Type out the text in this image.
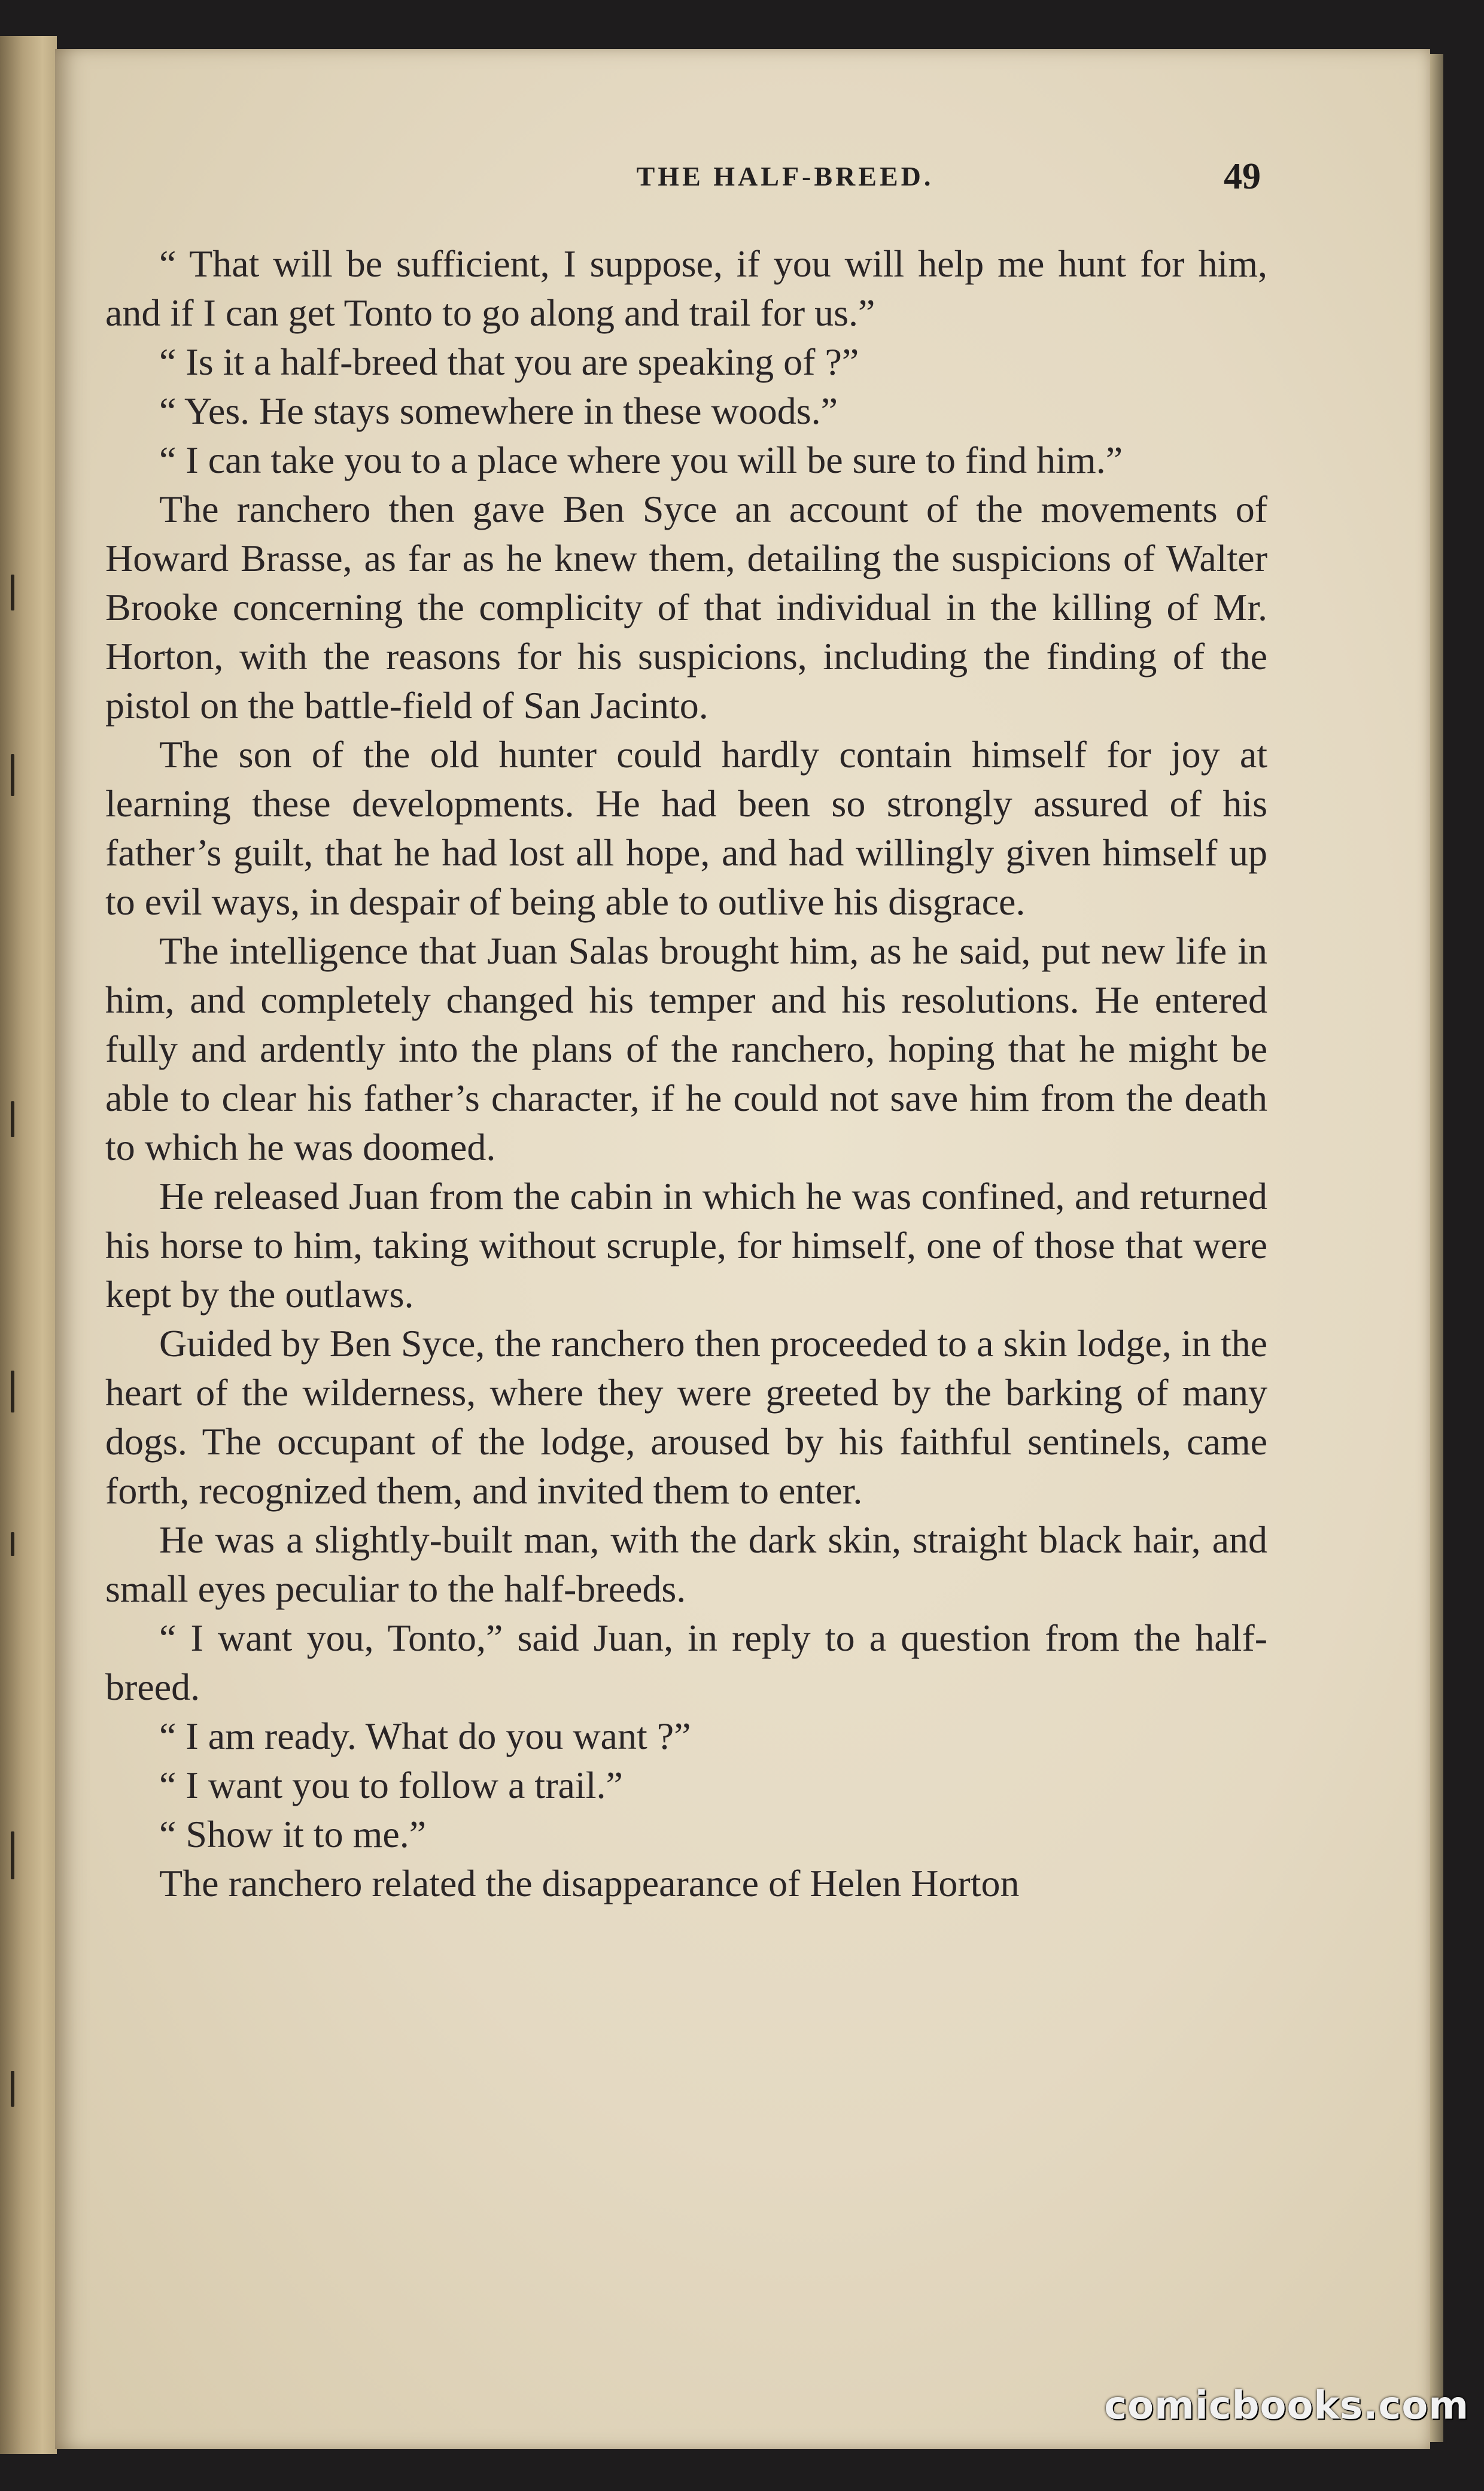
THE HALF-BREED.	49

“ That will be sufficient, I suppose, if you will help me hunt for him, and if I can get Tonto to go along and trail for us.”

“ Is it a half-breed that you are speaking of ?”

“ Yes. He stays somewhere in these woods.”

“ I can take you to a place where you will be sure to find him.”

The ranchero then gave Ben Syce an account of the movements of Howard Brasse, as far as he knew them, detailing the suspicions of Walter Brooke concerning the complicity of that individual in the killing of Mr. Horton, with the reasons for his suspicions, including the finding of the pistol on the battle-field of San Jacinto.

The son of the old hunter could hardly contain himself for joy at learning these developments. He had been so strongly assured of his father’s guilt, that he had lost all hope, and had willingly given himself up to evil ways, in despair of being able to outlive his disgrace.

The intelligence that Juan Salas brought him, as he said, put new life in him, and completely changed his temper and his resolutions. He entered fully and ardently into the plans of the ranchero, hoping that he might be able to clear his father’s character, if he could not save him from the death to which he was doomed.

He released Juan from the cabin in which he was confined, and returned his horse to him, taking without scruple, for himself, one of those that were kept by the outlaws.

Guided by Ben Syce, the ranchero then proceeded to a skin lodge, in the heart of the wilderness, where they were greeted by the barking of many dogs. The occupant of the lodge, aroused by his faithful sentinels, came forth, recognized them, and invited them to enter.

He was a slightly-built man, with the dark skin, straight black hair, and small eyes peculiar to the half-breeds.

“ I want you, Tonto,” said Juan, in reply to a question from the half-breed.

“ I am ready. What do you want ?”

“ I want you to follow a trail.”

“ Show it to me.”

The ranchero related the disappearance of Helen Horton

comicbooks.com
